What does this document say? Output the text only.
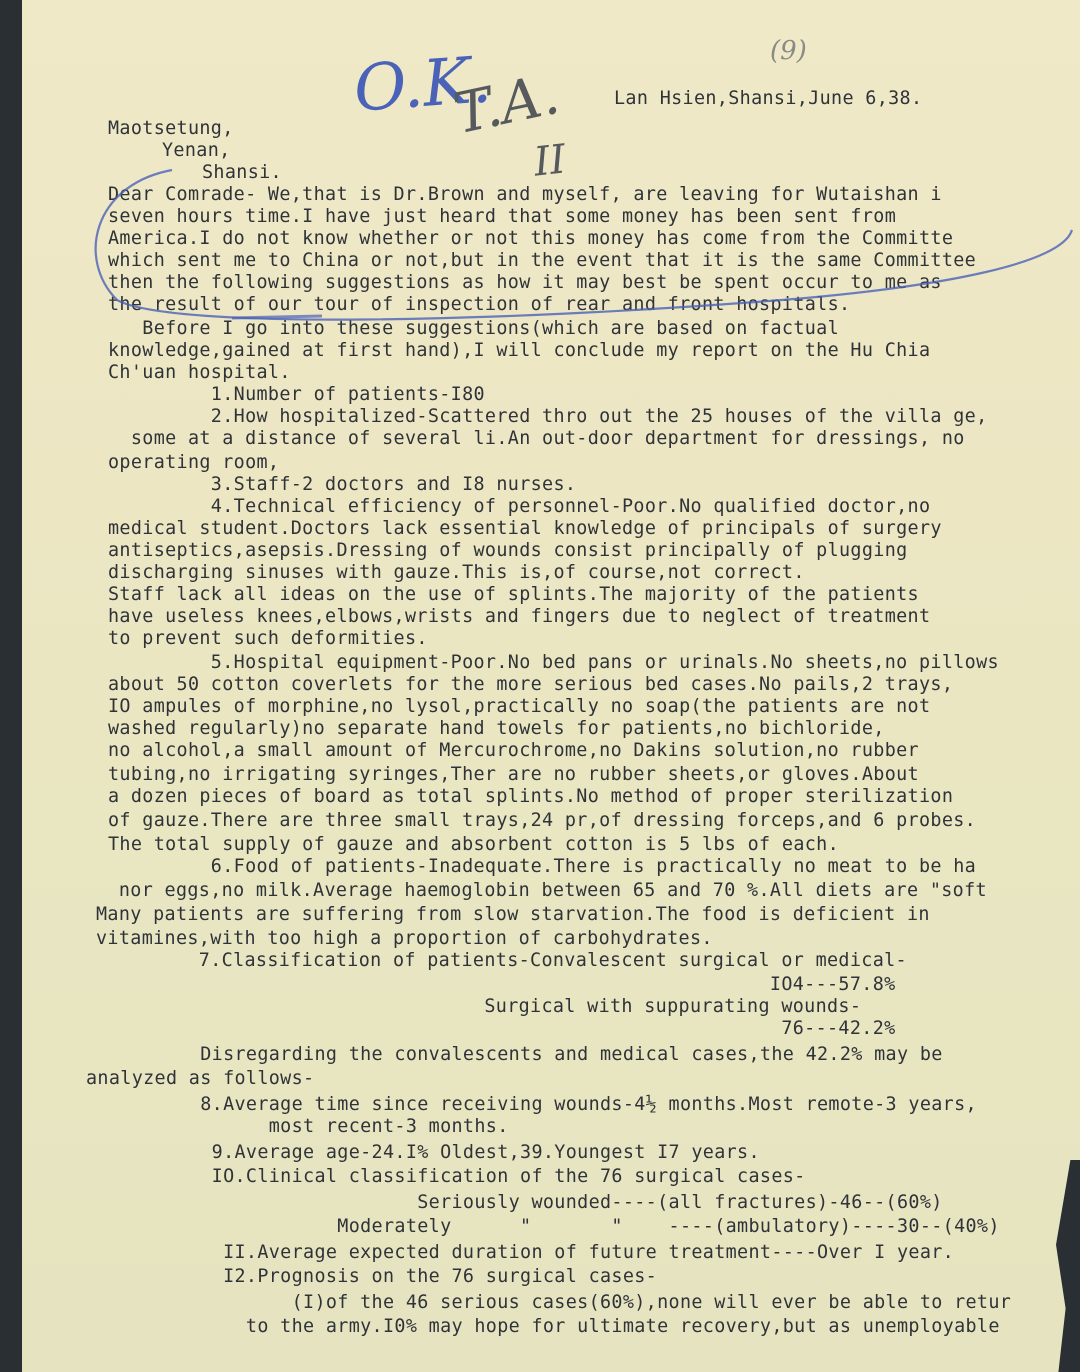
(9)
O.K.
T.A.
II
Lan Hsien,Shansi,June 6,38.
Maotsetung,
Yenan,
Shansi.
Dear Comrade- We,that is Dr.Brown and myself, are leaving for Wutaishan i
seven hours time.I have just heard that some money has been sent from
America.I do not know whether or not this money has come from the Committe
which sent me to China or not,but in the event that it is the same Committee
then the following suggestions as how it may best be spent occur to me as
the result of our tour of inspection of rear and front hospitals.
Before I go into these suggestions(which are based on factual
knowledge,gained at first hand),I will conclude my report on the Hu Chia
Ch'uan hospital.
1.Number of patients-I80
2.How hospitalized-Scattered thro out the 25 houses of the villa ge,
some at a distance of several li.An out-door department for dressings, no
operating room,
3.Staff-2 doctors and I8 nurses.
4.Technical efficiency of personnel-Poor.No qualified doctor,no
medical student.Doctors lack essential knowledge of principals of surgery
antiseptics,asepsis.Dressing of wounds consist principally of plugging
discharging sinuses with gauze.This is,of course,not correct.
Staff lack all ideas on the use of splints.The majority of the patients
have useless knees,elbows,wrists and fingers due to neglect of treatment
to prevent such deformities.
5.Hospital equipment-Poor.No bed pans or urinals.No sheets,no pillows
about 50 cotton coverlets for the more serious bed cases.No pails,2 trays,
IO ampules of morphine,no lysol,practically no soap(the patients are not
washed regularly)no separate hand towels for patients,no bichloride,
no alcohol,a small amount of Mercurochrome,no Dakins solution,no rubber
tubing,no irrigating syringes,Ther are no rubber sheets,or gloves.About
a dozen pieces of board as total splints.No method of proper sterilization
of gauze.There are three small trays,24 pr,of dressing forceps,and 6 probes.
The total supply of gauze and absorbent cotton is 5 lbs of each.
6.Food of patients-Inadequate.There is practically no meat to be ha
nor eggs,no milk.Average haemoglobin between 65 and 70 %.All diets are "soft
Many patients are suffering from slow starvation.The food is deficient in
vitamines,with too high a proportion of carbohydrates.
7.Classification of patients-Convalescent surgical or medical-
IO4---57.8%
Surgical with suppurating wounds-
76---42.2%
Disregarding the convalescents and medical cases,the 42.2% may be
analyzed as follows-
8.Average time since receiving wounds-4½ months.Most remote-3 years,
most recent-3 months.
9.Average age-24.I% Oldest,39.Youngest I7 years.
IO.Clinical classification of the 76 surgical cases-
Seriously wounded----(all fractures)-46--(60%)
Moderately      "       "    ----(ambulatory)----30--(40%)
II.Average expected duration of future treatment----Over I year.
I2.Prognosis on the 76 surgical cases-
(I)of the 46 serious cases(60%),none will ever be able to retur
to the army.I0% may hope for ultimate recovery,but as unemployable
